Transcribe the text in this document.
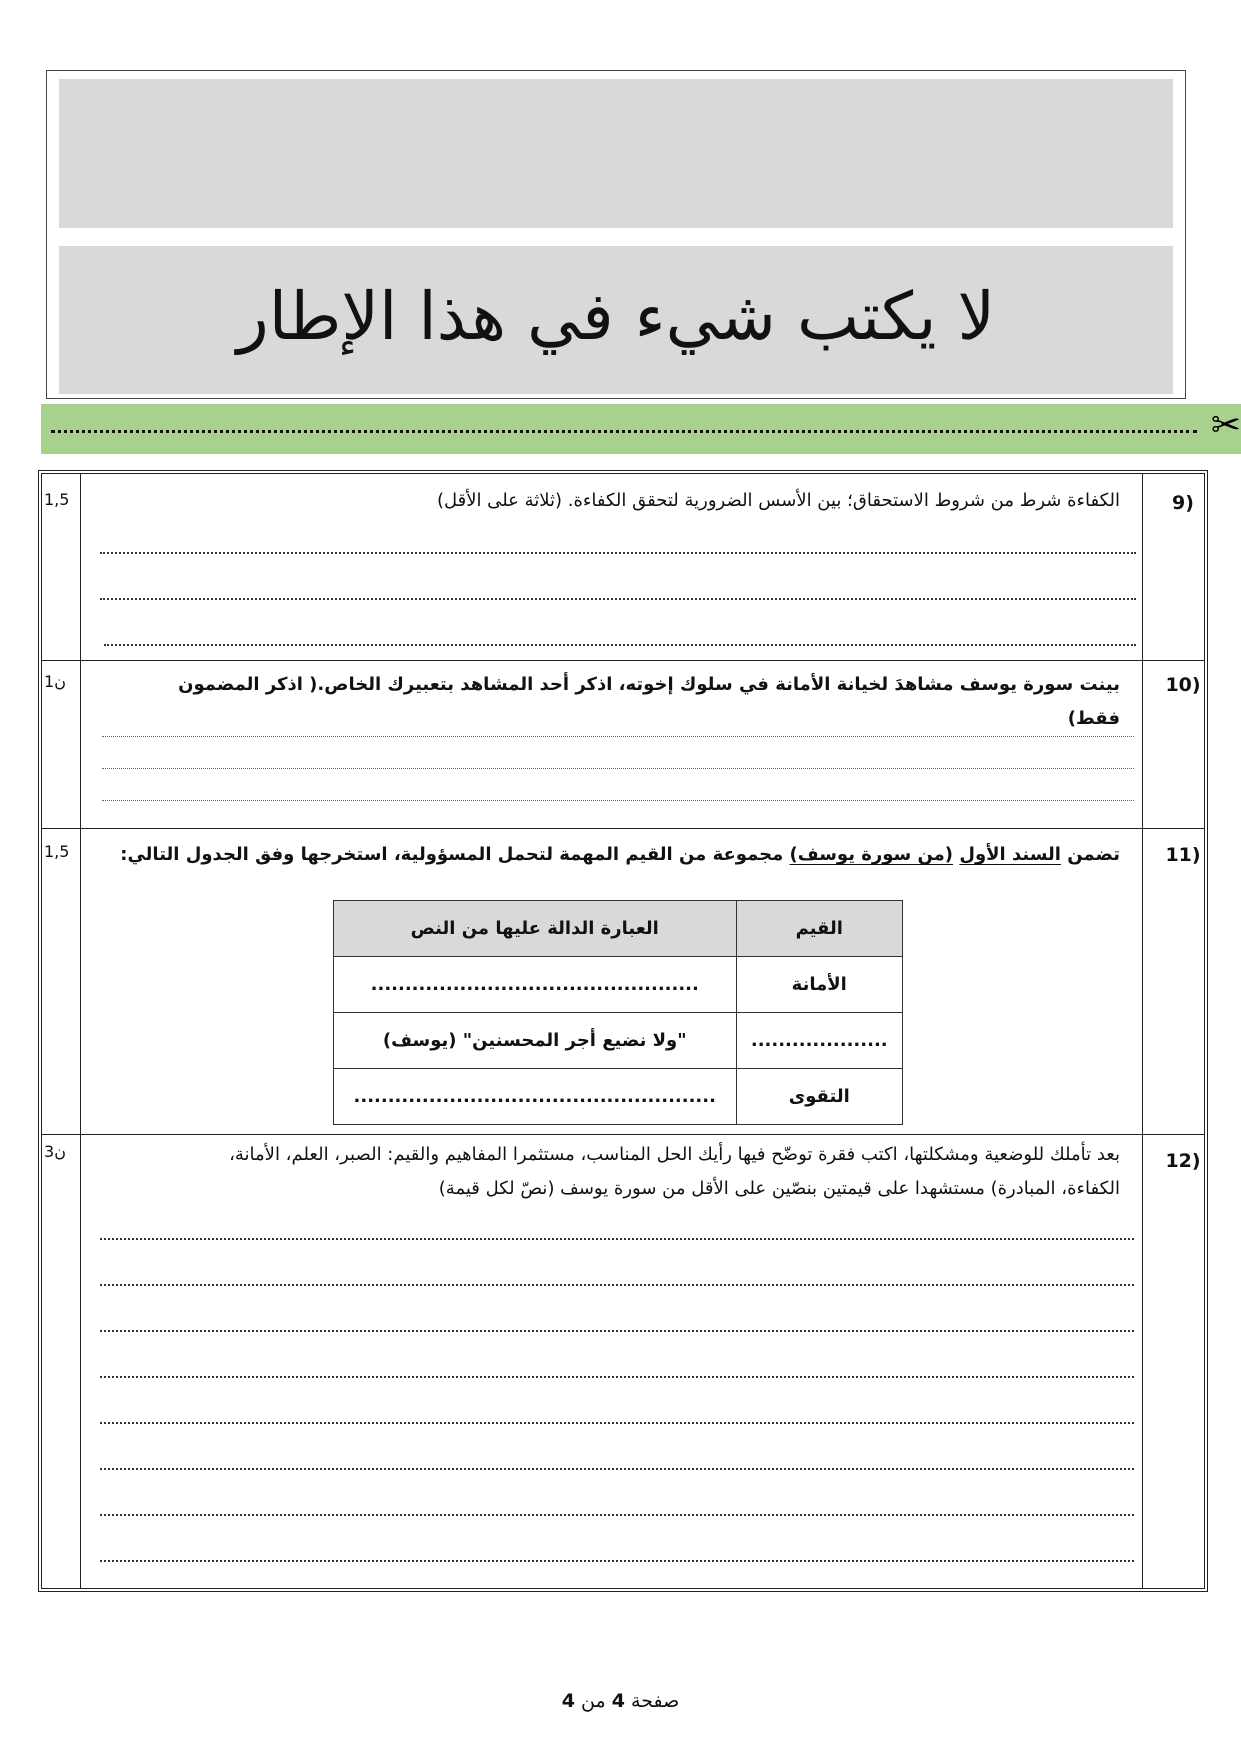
لا يكتب شيء في هذا الإطار
✂
9)
1,5	الكفاءة شرط من شروط الاستحقاق؛ بين الأسس الضرورية لتحقق الكفاءة. (ثلاثة على الأقل)
10)
1ن	بينت سورة يوسف مشاهدَ لخيانة الأمانة في سلوك إخوته، اذكر أحد المشاهد بتعبيرك الخاص.( اذكر المضمون فقط)
11)
1,5	تضمن السند الأول (من سورة يوسف) مجموعة من القيم المهمة لتحمل المسؤولية، استخرجها وفق الجدول التالي:
القيم	العبارة الدالة عليها من النص
الأمانة	................................................
....................	"ولا نضيع أجر المحسنين" (يوسف)
التقوى	.....................................................
12)
3ن	بعد تأملك للوضعية ومشكلتها، اكتب فقرة توضّح فيها رأيك الحل المناسب، مستثمرا المفاهيم والقيم: الصبر، العلم، الأمانة،
الكفاءة، المبادرة) مستشهدا على قيمتين بنصّين على الأقل من سورة يوسف (نصّ لكل قيمة)
صفحة 4 من 4
